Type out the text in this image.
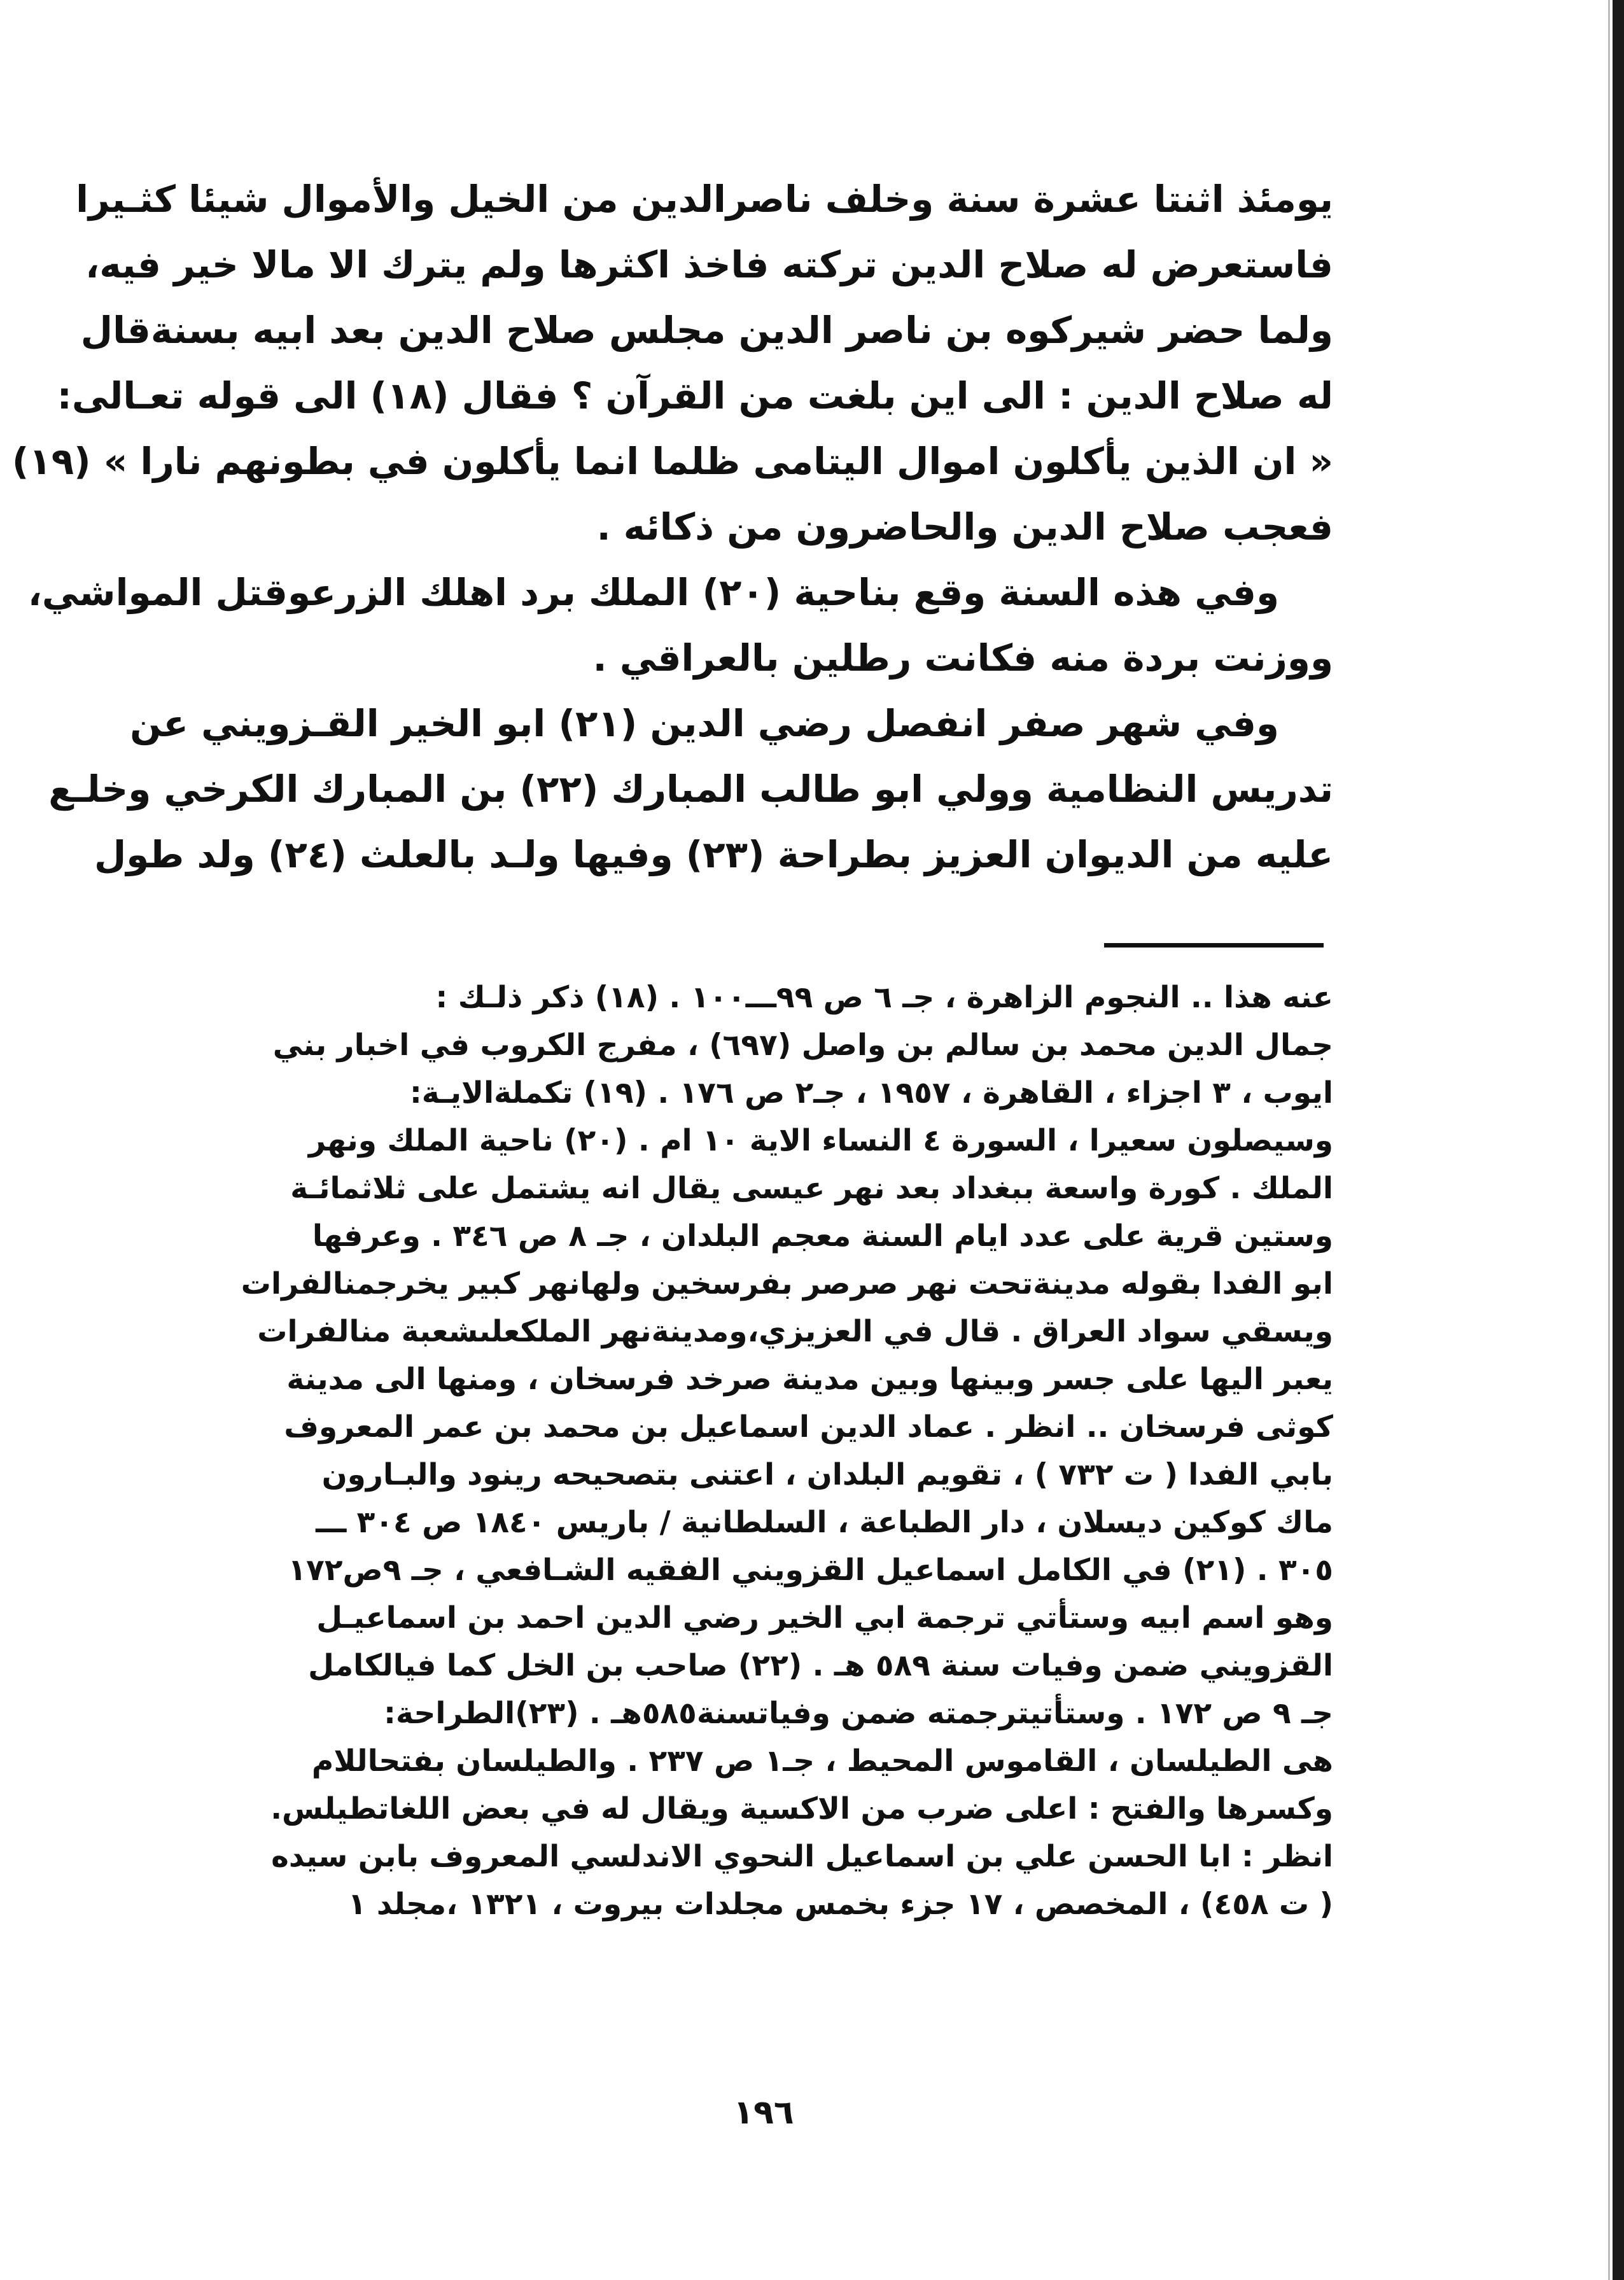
يومئذ اثنتا عشرة سنة وخلف ناصرالدين من الخيل والأموال شيئا كثـيرا
فاستعرض له صلاح الدين تركته فاخذ اكثرها ولم يترك الا مالا خير فيه،
ولما حضر شيركوه بن ناصر الدين مجلس صلاح الدين بعد ابيه بسنةقال
له صلاح الدين : الى اين بلغت من القرآن ؟ فقال (١٨) الى قوله تعـالى:
« ان الذين يأكلون اموال اليتامى ظلما انما يأكلون في بطونهم نارا » (١٩)
فعجب صلاح الدين والحاضرون من ذكائه .
وفي هذه السنة وقع بناحية (٢٠) الملك برد اهلك الزرعوقتل المواشي،
ووزنت بردة منه فكانت رطلين بالعراقي .
وفي شهر صفر انفصل رضي الدين (٢١) ابو الخير القـزويني عن
تدريس النظامية وولي ابو طالب المبارك (٢٢) بن المبارك الكرخي وخلـع
عليه من الديوان العزيز بطراحة (٢٣) وفيها ولـد بالعلث (٢٤) ولد طول
عنه هذا .. النجوم الزاهرة ، جـ ٦ ص ٩٩ـــ١٠٠ . (١٨) ذكر ذلـك :
جمال الدين محمد بن سالم بن واصل (٦٩٧) ، مفرج الكروب في اخبار بني
ايوب ، ٣ اجزاء ، القاهرة ، ١٩٥٧ ، جـ٢ ص ١٧٦ . (١٩) تكملةالايـة:
وسيصلون سعيرا ، السورة ٤ النساء الاية ١٠ ام . (٢٠) ناحية الملك ونهر
الملك . كورة واسعة ببغداد بعد نهر عيسى يقال انه يشتمل على ثلاثمائـة
وستين قرية على عدد ايام السنة معجم البلدان ، جـ ٨ ص ٣٤٦ . وعرفها
ابو الفدا بقوله مدينةتحت نهر صرصر بفرسخين ولهانهر كبير يخرجمنالفرات
ويسقي سواد العراق . قال في العزيزي،ومدينةنهر الملكعلىشعبة منالفرات
يعبر اليها على جسر وبينها وبين مدينة صرخد فرسخان ، ومنها الى مدينة
كوثى فرسخان .. انظر . عماد الدين اسماعيل بن محمد بن عمر المعروف
بابي الفدا ( ت ٧٣٢ ) ، تقويم البلدان ، اعتنى بتصحيحه رينود والبـارون
ماك كوكين ديسلان ، دار الطباعة ، السلطانية / باريس ١٨٤٠ ص ٣٠٤ ـــ
٣٠٥ . (٢١) في الكامل اسماعيل القزويني الفقيه الشـافعي ، جـ ٩ص١٧٢
وهو اسم ابيه وستأتي ترجمة ابي الخير رضي الدين احمد بن اسماعيـل
القزويني ضمن وفيات سنة ٥٨٩ هـ . (٢٢) صاحب بن الخل كما فيالكامل
جـ ٩ ص ١٧٢ . وستأتيترجمته ضمن وفياتسنة٥٨٥هـ . (٢٣)الطراحة:
هى الطيلسان ، القاموس المحيط ، جـ١ ص ٢٣٧ . والطيلسان بفتحاللام
وكسرها والفتح : اعلى ضرب من الاكسية ويقال له في بعض اللغاتطيلس.
انظر : ابا الحسن علي بن اسماعيل النحوي الاندلسي المعروف بابن سيده
( ت ٤٥٨) ، المخصص ، ١٧ جزء بخمس مجلدات بيروت ، ١٣٢١ ،مجلد ١
١٩٦
